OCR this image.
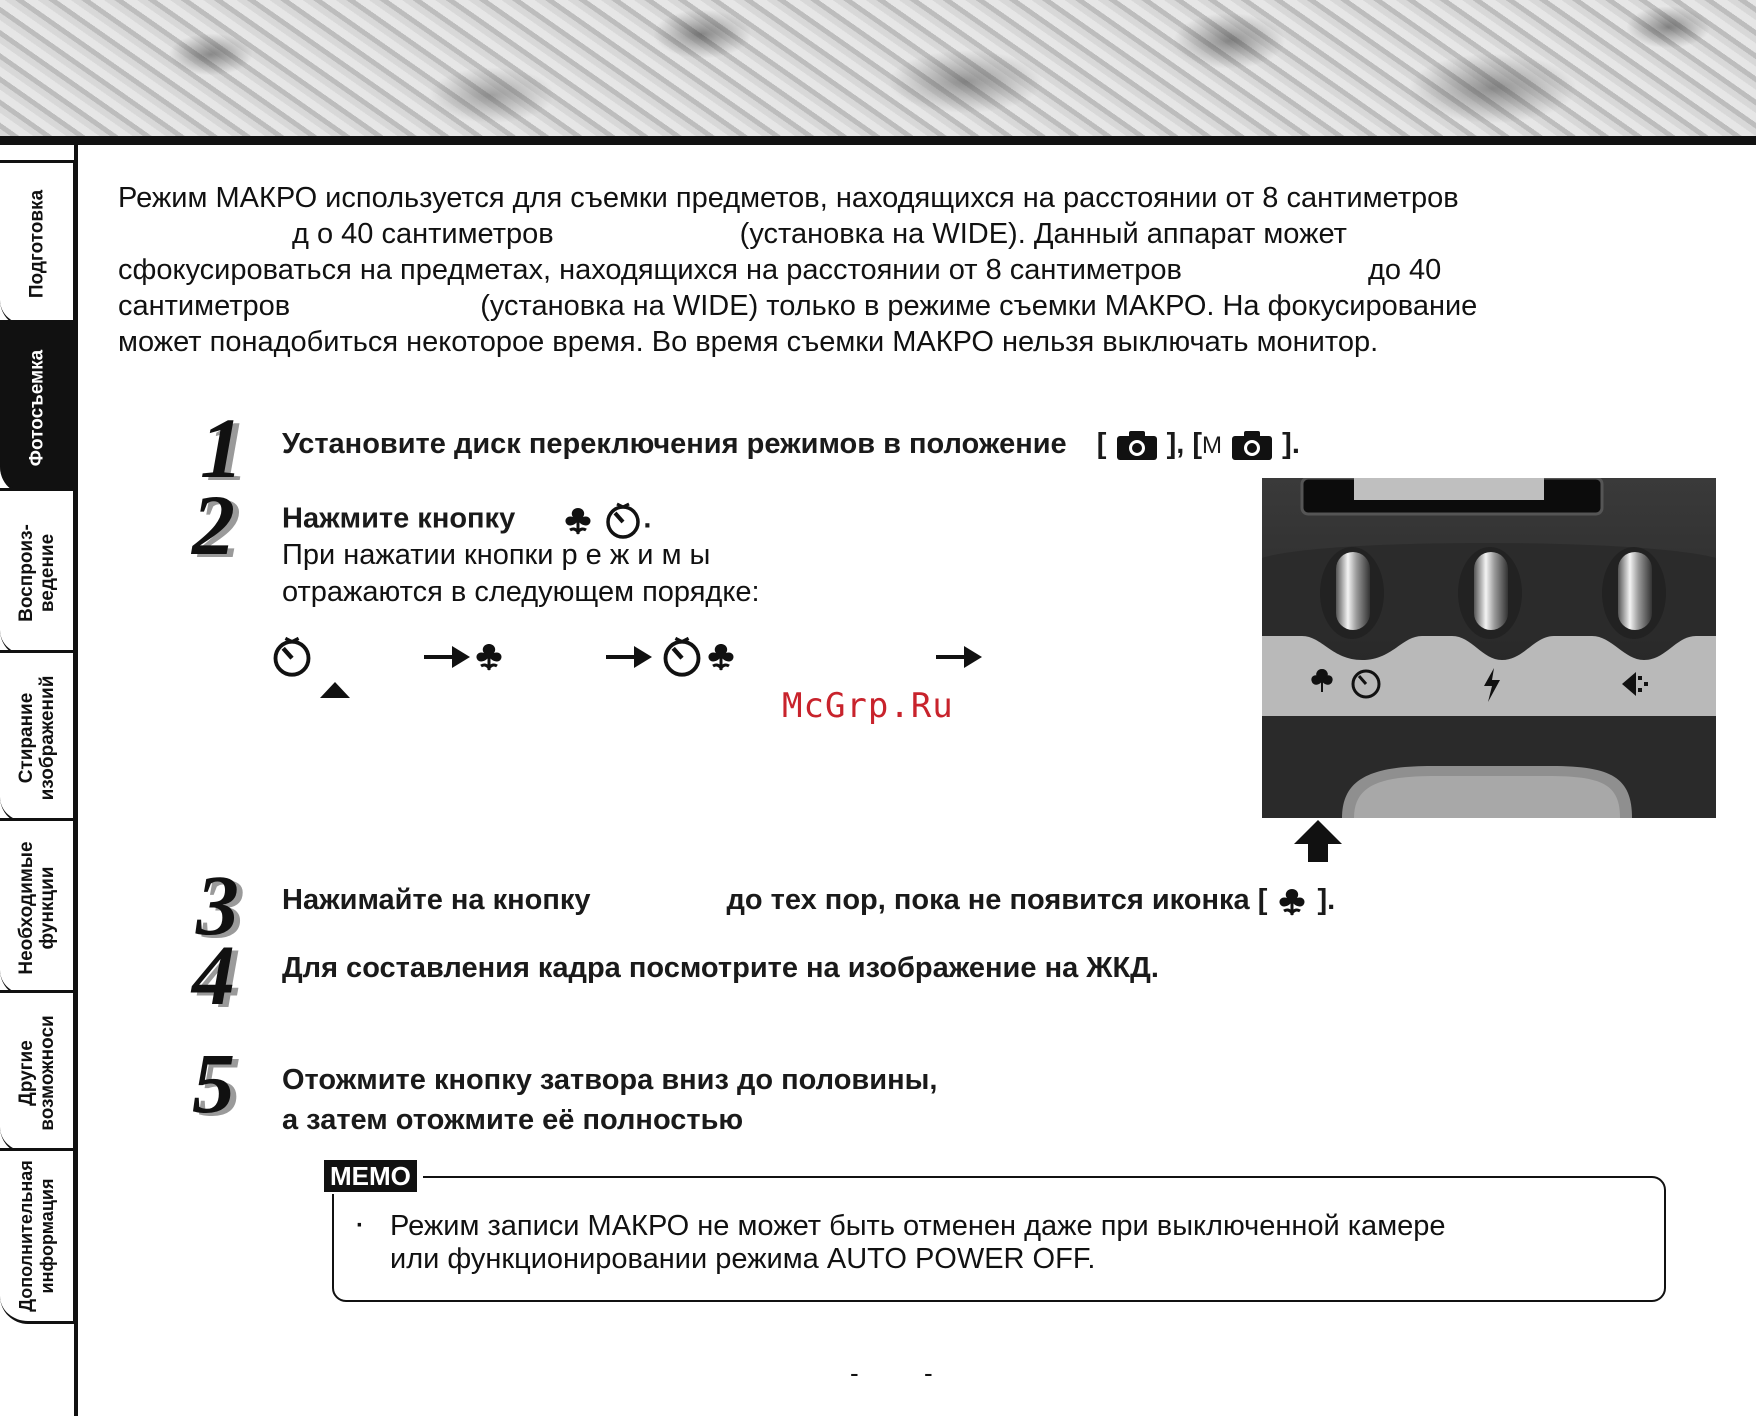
Подготовка
Фотосъемка
Воспроиз-
ведение
Стирание
изображений
Необходимые
функции
Другие
возможноси
Дополнительная
информация

Режим МАКРО используется для съемки предметов, находящихся на расстоянии от 8 сантиметров

д о 40 сантиметров	(установка на WIDE). Данный аппарат может

сфокусироваться на предметах, находящихся на расстоянии от 8 сантиметров	до 40

сантиметров	(установка на WIDE) только в режиме съемки МАКРО. На фокусирование

может понадобиться некоторое время. Во время съемки МАКРО нельзя выключать монитор.

1 Установите диск переключения режимов в положение [ ], [M ].
2 Нажмите кнопку	.
При нажатии кнопки р е ж и м ы
отражаются в следующем порядке:
McGrp.Ru
3 Нажимайте на кнопку	до тех пор, пока не появится иконка [ ].
4 Для составления кадра посмотрите на изображение на ЖКД.
5 Отожмите кнопку затвора вниз до половины,
а затем отожмите её полностью
MEMO
· Режим записи МАКРО не может быть отменен даже при выключенной камере
или функционировании режима AUTO POWER OFF.
-	-
